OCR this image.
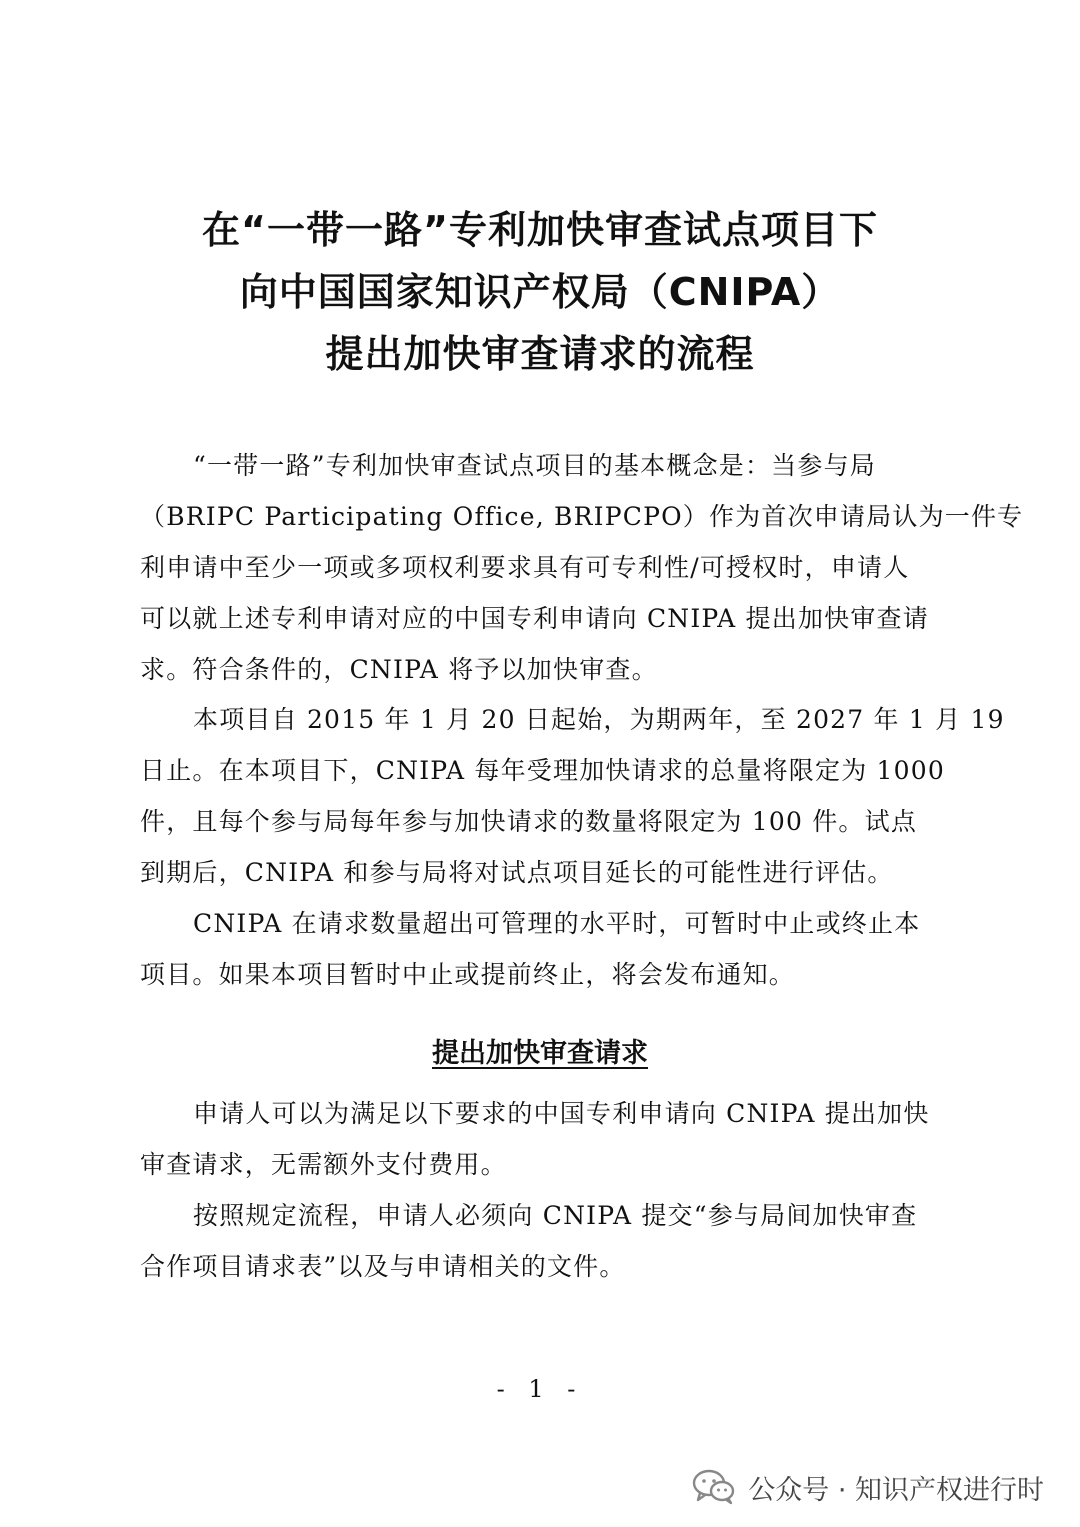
在“一带一路”专利加快审查试点项目下
向中国国家知识产权局（CNIPA）
提出加快审查请求的流程
“一带一路”专利加快审查试点项目的基本概念是：当参与局
（BRIPC Participating Office, BRIPCPO）作为首次申请局认为一件专
利申请中至少一项或多项权利要求具有可专利性/可授权时，申请人
可以就上述专利申请对应的中国专利申请向 CNIPA 提出加快审查请
求。符合条件的，CNIPA 将予以加快审查。
本项目自 2015 年 1 月 20 日起始，为期两年，至 2027 年 1 月 19
日止。在本项目下，CNIPA 每年受理加快请求的总量将限定为 1000
件，且每个参与局每年参与加快请求的数量将限定为 100 件。试点
到期后，CNIPA 和参与局将对试点项目延长的可能性进行评估。
CNIPA 在请求数量超出可管理的水平时，可暂时中止或终止本
项目。如果本项目暂时中止或提前终止，将会发布通知。
提出加快审查请求
申请人可以为满足以下要求的中国专利申请向 CNIPA 提出加快
审查请求，无需额外支付费用。
按照规定流程，申请人必须向 CNIPA 提交“参与局间加快审查
合作项目请求表”以及与申请相关的文件。
- 1 -
公众号 · 知识产权进行时
